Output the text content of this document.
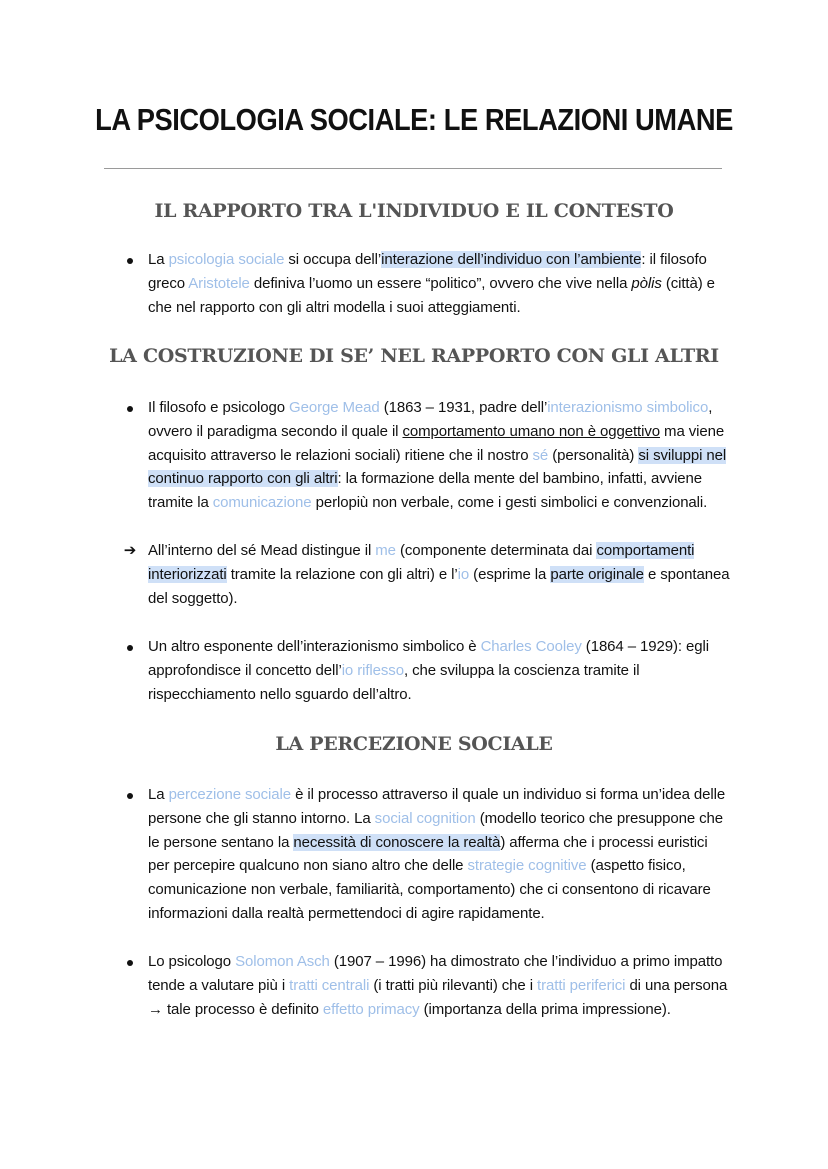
LA PSICOLOGIA SOCIALE: LE RELAZIONI UMANE
IL RAPPORTO TRA L'INDIVIDUO E IL CONTESTO
La psicologia sociale si occupa dell’interazione dell’individuo con l’ambiente: il filosofo greco Aristotele definiva l’uomo un essere “politico”, ovvero che vive nella pòlis (città) e che nel rapporto con gli altri modella i suoi atteggiamenti.
LA COSTRUZIONE DI SE’ NEL RAPPORTO CON GLI ALTRI
Il filosofo e psicologo George Mead (1863 – 1931, padre dell’interazionismo simbolico, ovvero il paradigma secondo il quale il comportamento umano non è oggettivo ma viene acquisito attraverso le relazioni sociali) ritiene che il nostro sé (personalità) si sviluppi nel continuo rapporto con gli altri: la formazione della mente del bambino, infatti, avviene tramite la comunicazione perlopiù non verbale, come i gesti simbolici e convenzionali.
➔ All’interno del sé Mead distingue il me (componente determinata dai comportamenti interiorizzati tramite la relazione con gli altri) e l’io (esprime la parte originale e spontanea del soggetto).
Un altro esponente dell’interazionismo simbolico è Charles Cooley (1864 – 1929): egli approfondisce il concetto dell’io riflesso, che sviluppa la coscienza tramite il rispecchiamento nello sguardo dell’altro.
LA PERCEZIONE SOCIALE
La percezione sociale è il processo attraverso il quale un individuo si forma un’idea delle persone che gli stanno intorno. La social cognition (modello teorico che presuppone che le persone sentano la necessità di conoscere la realtà) afferma che i processi euristici per percepire qualcuno non siano altro che delle strategie cognitive (aspetto fisico, comunicazione non verbale, familiarità, comportamento) che ci consentono di ricavare informazioni dalla realtà permettendoci di agire rapidamente.
Lo psicologo Solomon Asch (1907 – 1996) ha dimostrato che l’individuo a primo impatto tende a valutare più i tratti centrali (i tratti più rilevanti) che i tratti periferici di una persona → tale processo è definito effetto primacy (importanza della prima impressione).
